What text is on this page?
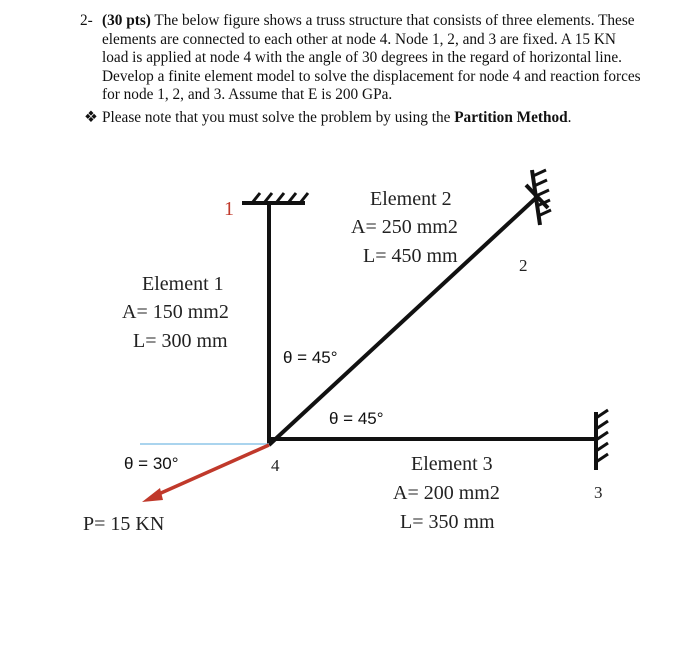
2- (30 pts) The below figure shows a truss structure that consists of three elements. These
elements are connected to each other at node 4. Node 1, 2, and 3 are fixed. A 15 KN
load is applied at node 4 with the angle of 30 degrees in the regard of horizontal line.
Develop a finite element model to solve the displacement for node 4 and reaction forces
for node 1, 2, and 3. Assume that E is 200 GPa.
❖ Please note that you must solve the problem by using the Partition Method.
1
2
3
4
Element 1
A= 150 mm2
L= 300 mm
Element 2
A= 250 mm2
L= 450 mm
Element 3
A= 200 mm2
L= 350 mm
θ = 45°
θ = 45°
θ = 30°
P= 15 KN
